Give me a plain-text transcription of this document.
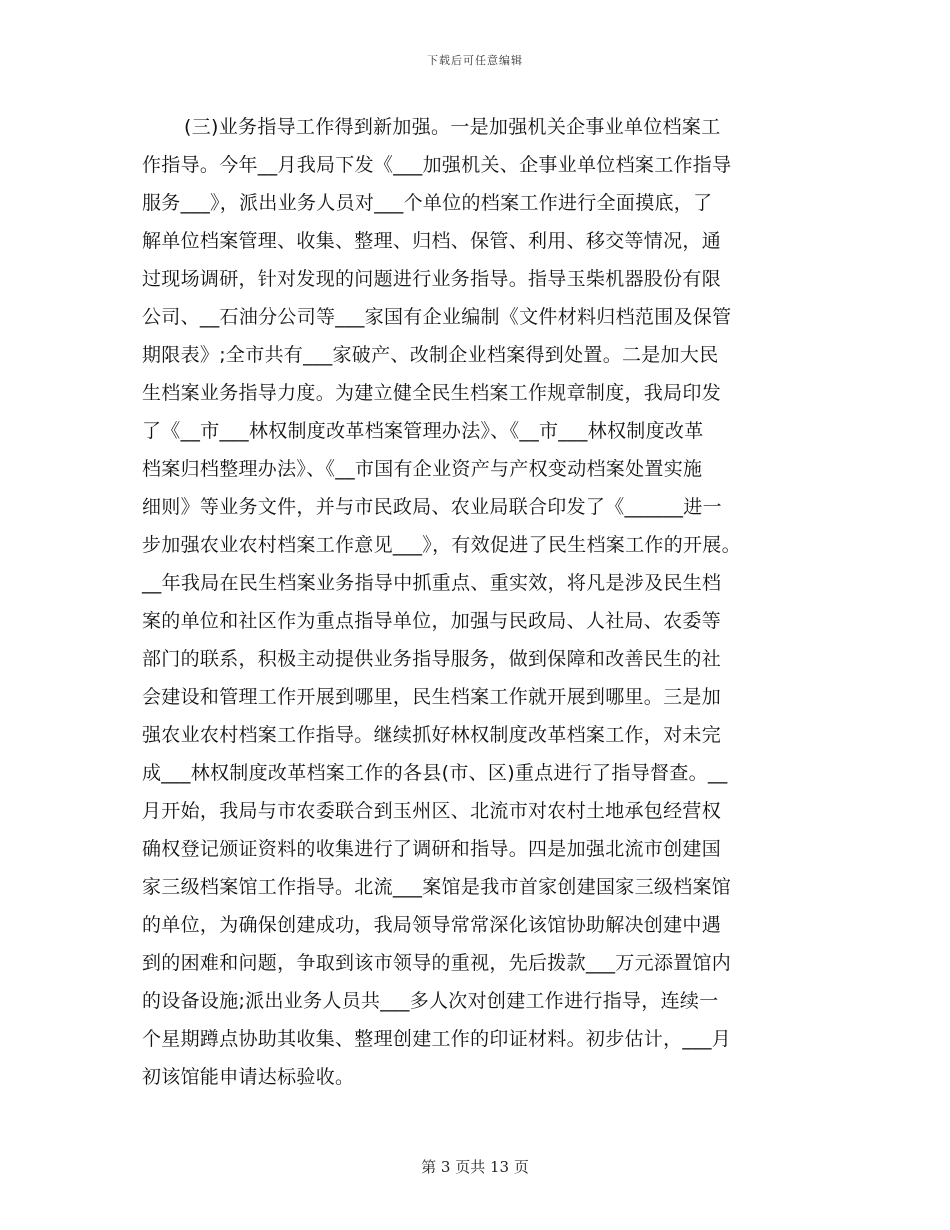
下载后可任意编辑
(三)业务指导工作得到新加强。一是加强机关企事业单位档案工
作指导。今年__月我局下发《___加强机关、企事业单位档案工作指导
服务___》，派出业务人员对___个单位的档案工作进行全面摸底，了
解单位档案管理、收集、整理、归档、保管、利用、移交等情况，通
过现场调研，针对发现的问题进行业务指导。指导玉柴机器股份有限
公司、__石油分公司等___家国有企业编制《文件材料归档范围及保管
期限表》;全市共有___家破产、改制企业档案得到处置。二是加大民
生档案业务指导力度。为建立健全民生档案工作规章制度，我局印发
了《__市___林权制度改革档案管理办法》、《__市___林权制度改革
档案归档整理办法》、《__市国有企业资产与产权变动档案处置实施
细则》等业务文件，并与市民政局、农业局联合印发了《______进一
步加强农业农村档案工作意见___》，有效促进了民生档案工作的开展。
__年我局在民生档案业务指导中抓重点、重实效，将凡是涉及民生档
案的单位和社区作为重点指导单位，加强与民政局、人社局、农委等
部门的联系，积极主动提供业务指导服务，做到保障和改善民生的社
会建设和管理工作开展到哪里，民生档案工作就开展到哪里。三是加
强农业农村档案工作指导。继续抓好林权制度改革档案工作，对未完
成___林权制度改革档案工作的各县(市、区)重点进行了指导督查。__
月开始，我局与市农委联合到玉州区、北流市对农村土地承包经营权
确权登记颁证资料的收集进行了调研和指导。四是加强北流市创建国
家三级档案馆工作指导。北流___案馆是我市首家创建国家三级档案馆
的单位，为确保创建成功，我局领导常常深化该馆协助解决创建中遇
到的困难和问题，争取到该市领导的重视，先后拨款___万元添置馆内
的设备设施;派出业务人员共___多人次对创建工作进行指导，连续一
个星期蹲点协助其收集、整理创建工作的印证材料。初步估计，___月
初该馆能申请达标验收。
第 3 页共 13 页
